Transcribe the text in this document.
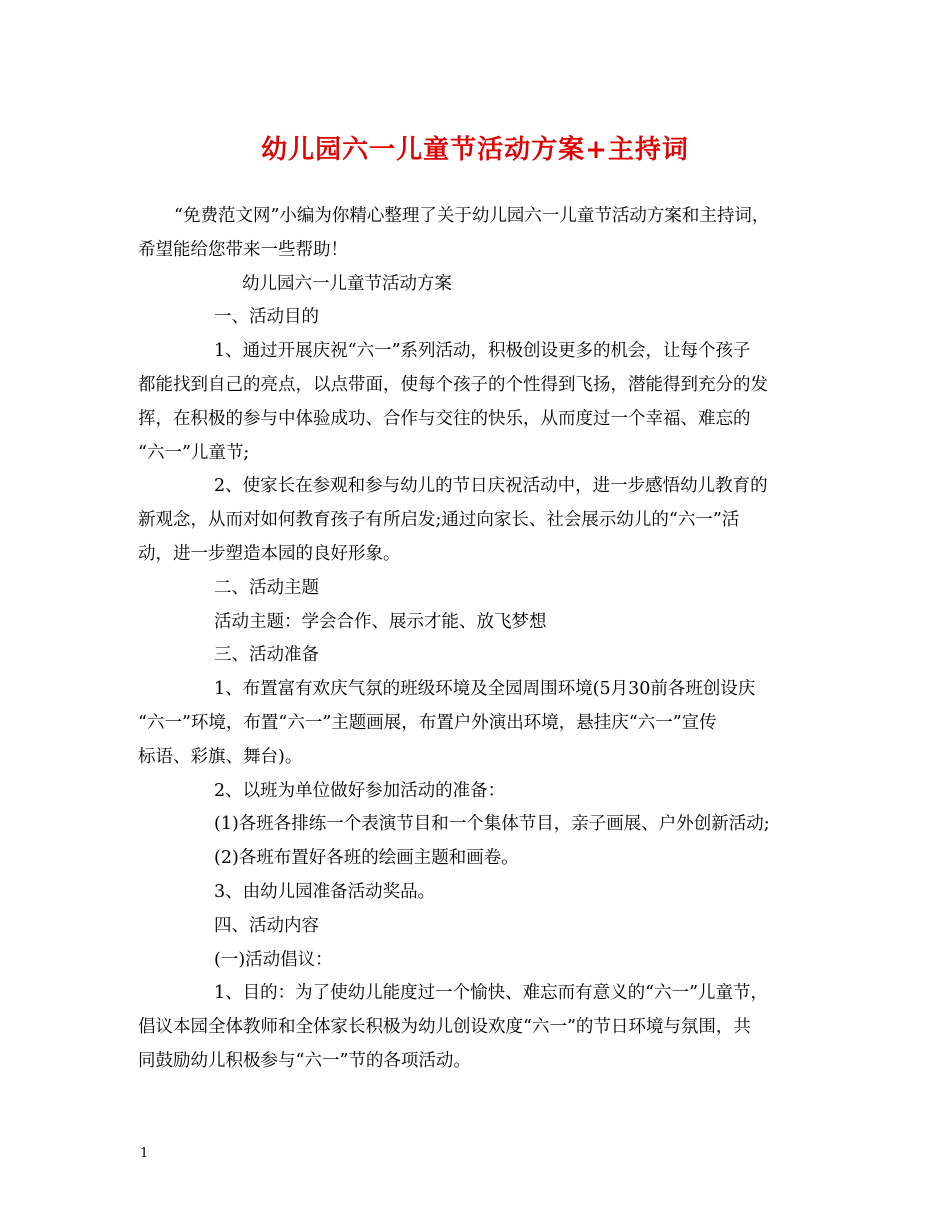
幼儿园六一儿童节活动方案+主持词
“免费范文网”小编为你精心整理了关于幼儿园六一儿童节活动方案和主持词，
希望能给您带来一些帮助！
幼儿园六一儿童节活动方案
一、活动目的
1、通过开展庆祝“六一”系列活动，积极创设更多的机会，让每个孩子
都能找到自己的亮点，以点带面，使每个孩子的个性得到飞扬，潜能得到充分的发
挥，在积极的参与中体验成功、合作与交往的快乐，从而度过一个幸福、难忘的
“六一”儿童节;
2、使家长在参观和参与幼儿的节日庆祝活动中，进一步感悟幼儿教育的
新观念，从而对如何教育孩子有所启发;通过向家长、社会展示幼儿的“六一”活
动，进一步塑造本园的良好形象。
二、活动主题
活动主题：学会合作、展示才能、放飞梦想
三、活动准备
1、布置富有欢庆气氛的班级环境及全园周围环境(5月30前各班创设庆
“六一”环境，布置“六一”主题画展，布置户外演出环境，悬挂庆“六一”宣传
标语、彩旗、舞台)。
2、以班为单位做好参加活动的准备：
(1)各班各排练一个表演节目和一个集体节目，亲子画展、户外创新活动;
(2)各班布置好各班的绘画主题和画卷。
3、由幼儿园准备活动奖品。
四、活动内容
(一)活动倡议：
1、目的：为了使幼儿能度过一个愉快、难忘而有意义的“六一”儿童节，
倡议本园全体教师和全体家长积极为幼儿创设欢度“六一”的节日环境与氛围，共
同鼓励幼儿积极参与“六一”节的各项活动。
1
